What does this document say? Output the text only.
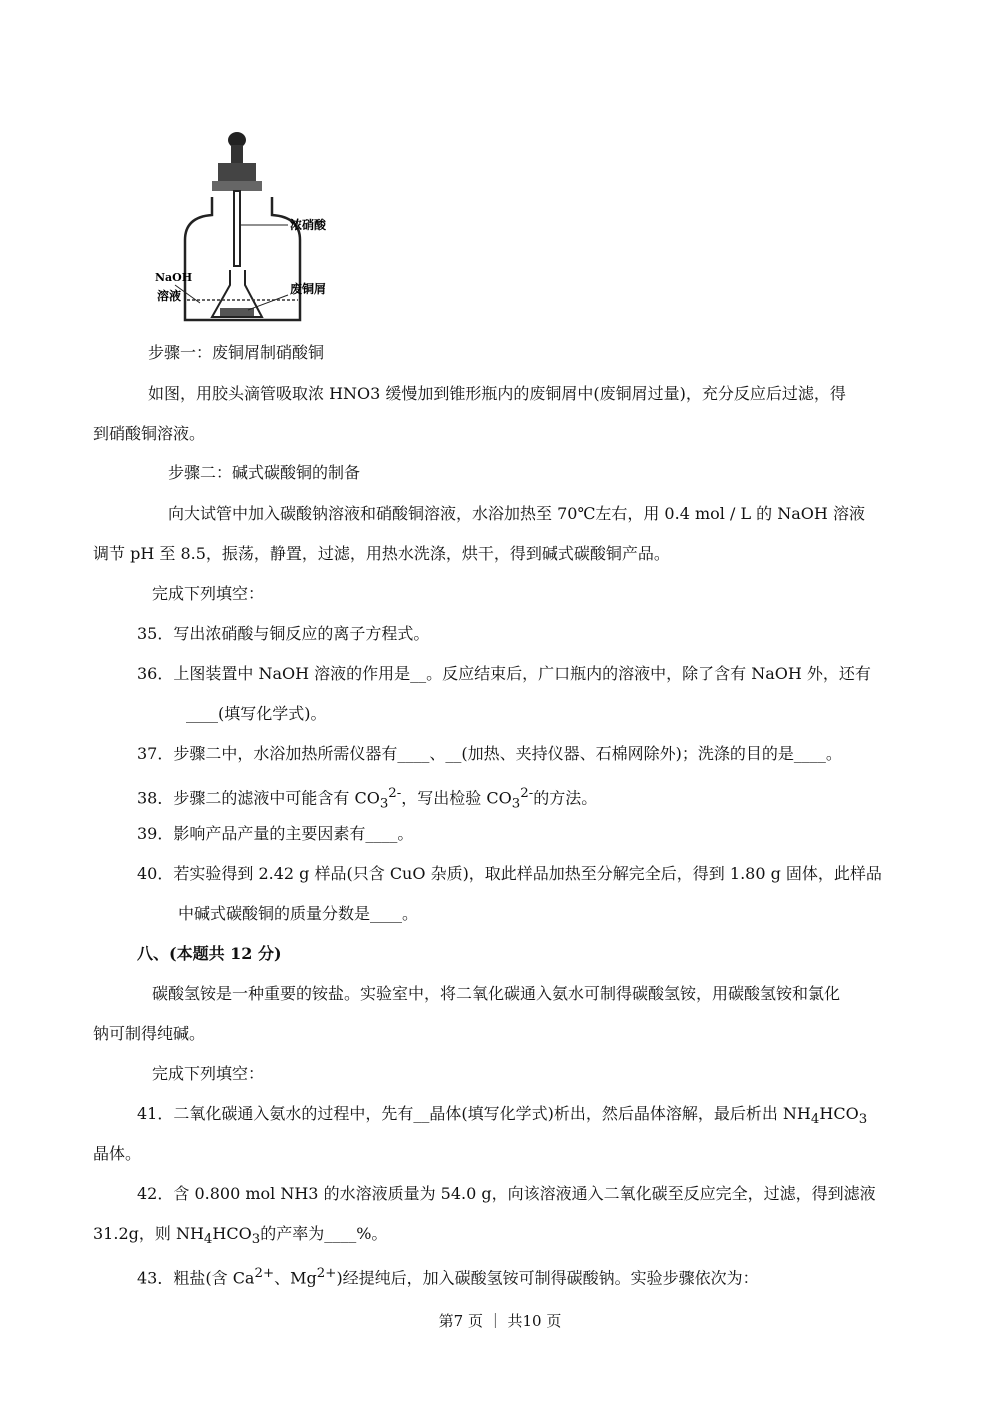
浓硝酸
NaOH
溶液	废铜屑
步骤一：废铜屑制硝酸铜
如图，用胶头滴管吸取浓 HNO3 缓慢加到锥形瓶内的废铜屑中(废铜屑过量)，充分反应后过滤，得
到硝酸铜溶液。
步骤二：碱式碳酸铜的制备
向大试管中加入碳酸钠溶液和硝酸铜溶液，水浴加热至 70℃左右，用 0.4 mol / L 的 NaOH 溶液
调节 pH 至 8.5，振荡，静置，过滤，用热水洗涤，烘干，得到碱式碳酸铜产品。
完成下列填空：
35．写出浓硝酸与铜反应的离子方程式。
36．上图装置中 NaOH 溶液的作用是__。反应结束后，广口瓶内的溶液中，除了含有 NaOH 外，还有
____(填写化学式)。
37．步骤二中，水浴加热所需仪器有____、__(加热、夹持仪器、石棉网除外)；洗涤的目的是____。
38．步骤二的滤液中可能含有 $CO_3^{2-}$，写出检验 $CO_3^{2-}$的方法。
39．影响产品产量的主要因素有____。
40．若实验得到 2.42 g 样品(只含 CuO 杂质)，取此样品加热至分解完全后，得到 1.80 g 固体，此样品
中碱式碳酸铜的质量分数是____。
八、(本题共 12 分)
碳酸氢铵是一种重要的铵盐。实验室中，将二氧化碳通入氨水可制得碳酸氢铵，用碳酸氢铵和氯化
钠可制得纯碱。
完成下列填空：
41．二氧化碳通入氨水的过程中，先有__晶体(填写化学式)析出，然后晶体溶解，最后析出 $NH_4HCO_3$
晶体。
42．含 0.800 mol NH3 的水溶液质量为 54.0 g，向该溶液通入二氧化碳至反应完全，过滤，得到滤液
31.2g，则 $NH_4HCO_3$的产率为____%。
43．粗盐(含 $Ca^{2+}$、$Mg^{2+}$)经提纯后，加入碳酸氢铵可制得碳酸钠。实验步骤依次为：
第7 页 ｜ 共10 页
